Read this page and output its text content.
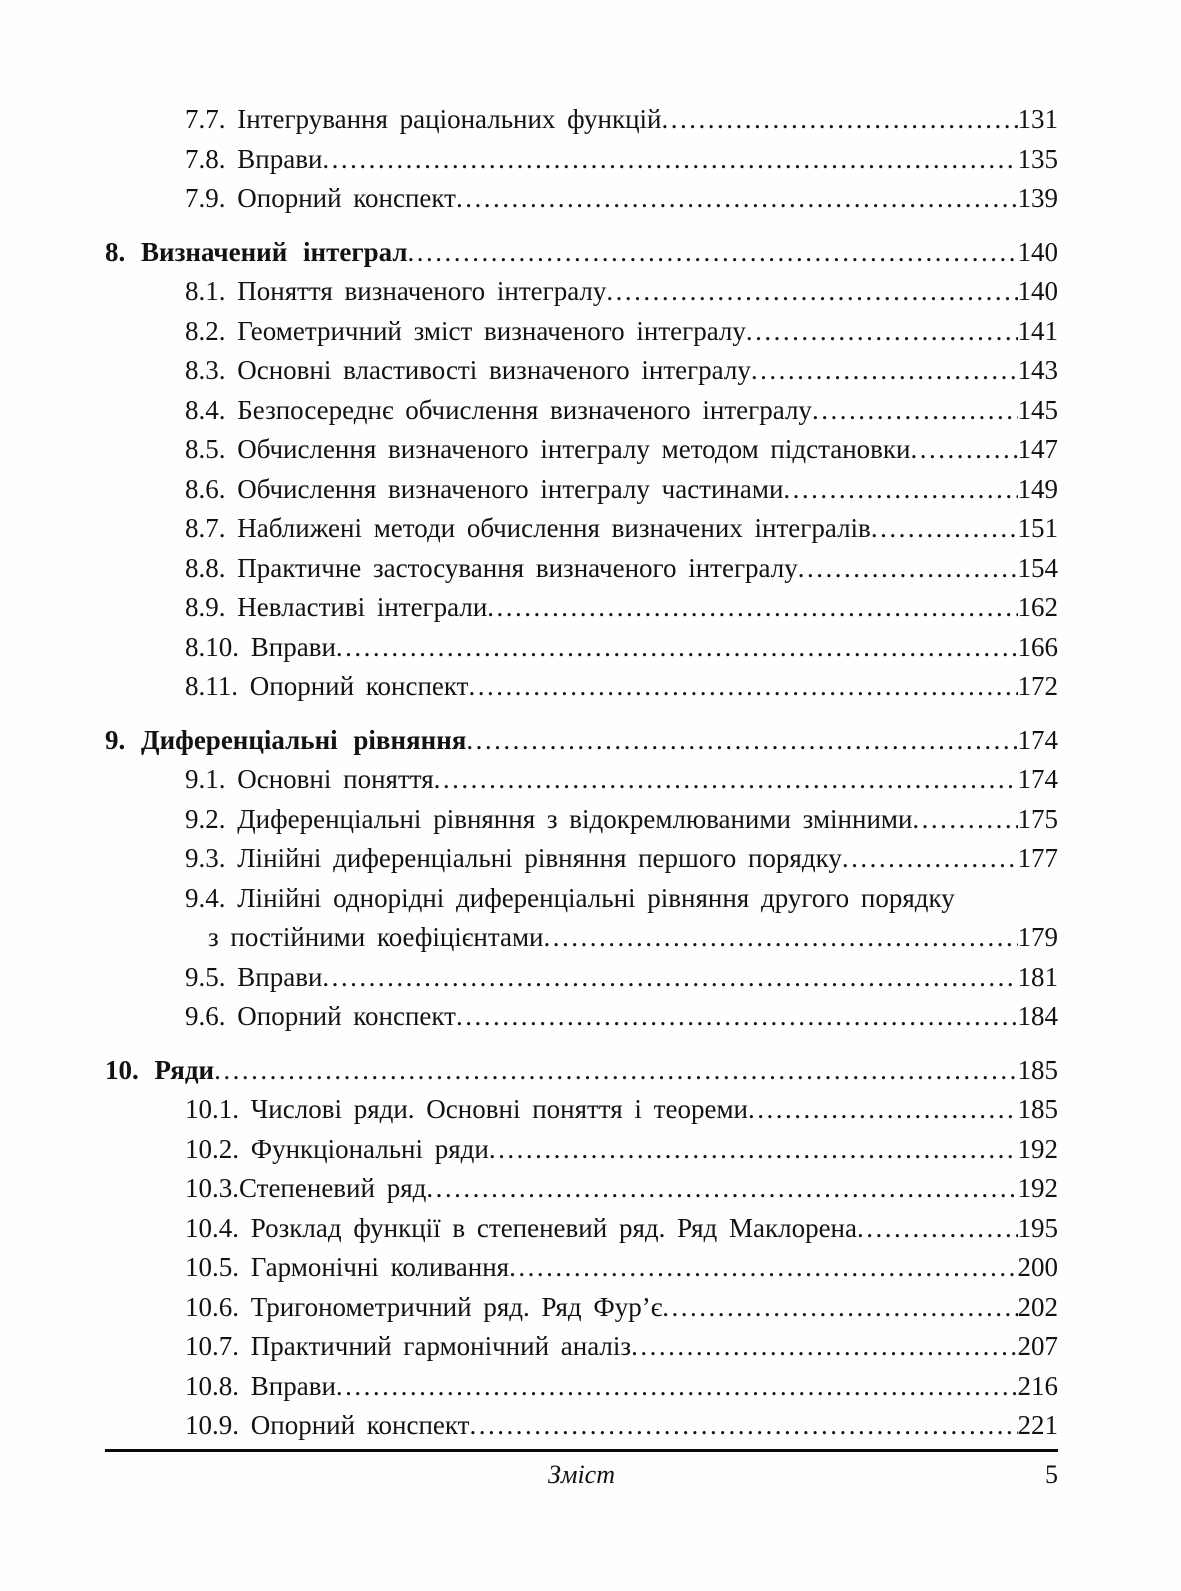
7.7. Інтегрування раціональних функцій .....	131
7.8. Вправи .....	135
7.9. Опорний конспект .....	139
8. Визначений інтеграл .....	140
8.1. Поняття визначеного інтегралу .....	140
8.2. Геометричний зміст визначеного інтегралу .....	141
8.3. Основні властивості визначеного інтегралу .....	143
8.4. Безпосереднє обчислення визначеного інтегралу .....	145
8.5. Обчислення визначеного інтегралу методом підстановки .....	147
8.6. Обчислення визначеного інтегралу частинами .....	149
8.7. Наближені методи обчислення визначених інтегралів .....	151
8.8. Практичне застосування визначеного інтегралу .....	154
8.9. Невластиві інтеграли .....	162
8.10. Вправи .....	166
8.11. Опорний конспект .....	172
9. Диференціальні рівняння .....	174
9.1. Основні поняття .....	174
9.2. Диференціальні рівняння з відокремлюваними змінними .....	175
9.3. Лінійні диференціальні рівняння першого порядку .....	177
9.4. Лінійні однорідні диференціальні рівняння другого порядку
з постійними коефіцієнтами .....	179
9.5. Вправи .....	181
9.6. Опорний конспект .....	184
10. Ряди .....	185
10.1. Числові ряди. Основні поняття і теореми .....	185
10.2. Функціональні ряди .....	192
10.3.Степеневий ряд .....	192
10.4. Розклад функції в степеневий ряд. Ряд Маклорена .....	195
10.5. Гармонічні коливання .....	200
10.6. Тригонометричний ряд. Ряд Фур’є .....	202
10.7. Практичний гармонічний аналіз .....	207
10.8. Вправи .....	216
10.9. Опорний конспект .....	221
Зміст	5
